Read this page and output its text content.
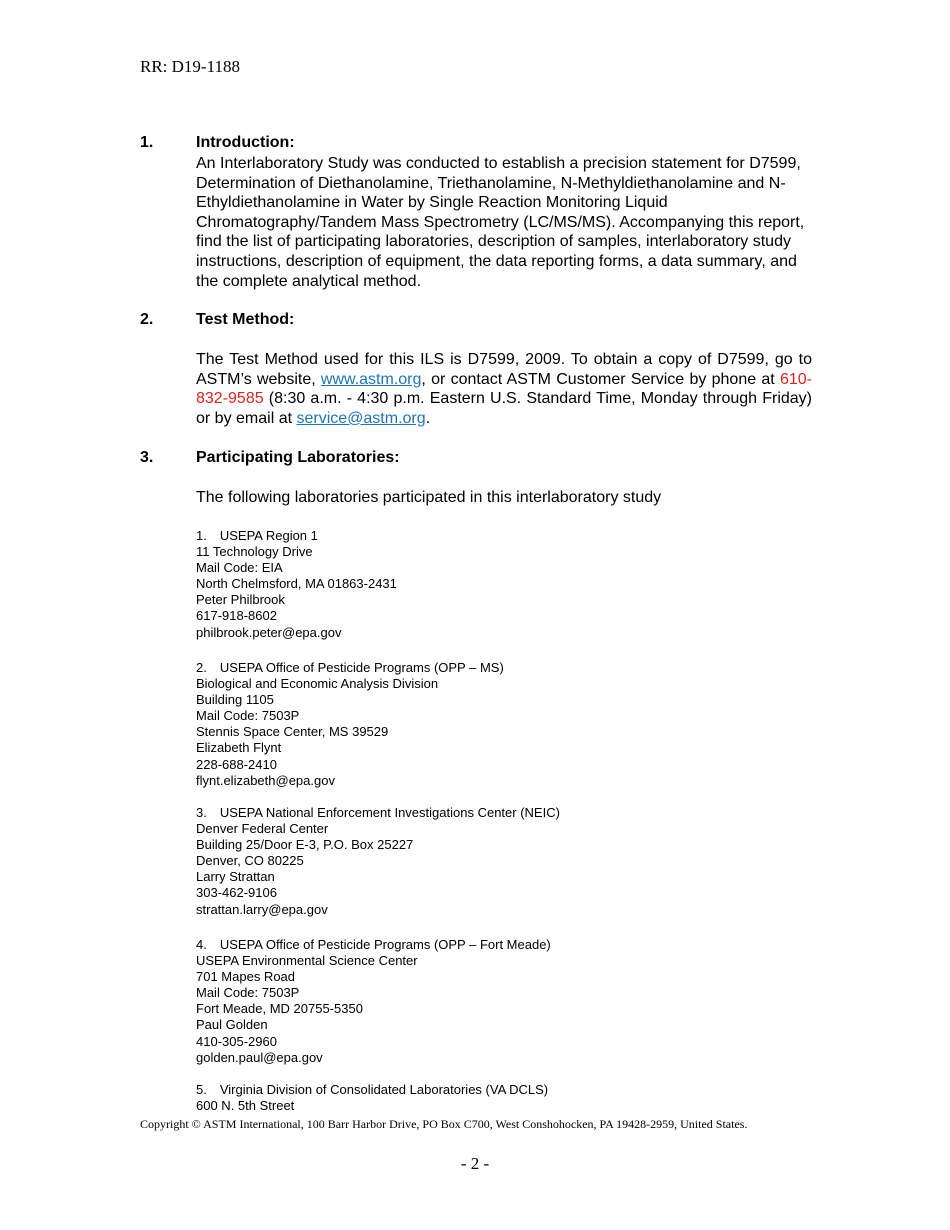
RR: D19-1188
1.	Introduction:
An Interlaboratory Study was conducted to establish a precision statement for D7599, Determination of Diethanolamine, Triethanolamine, N-Methyldiethanolamine and N-Ethyldiethanolamine in Water by Single Reaction Monitoring Liquid Chromatography/Tandem Mass Spectrometry (LC/MS/MS). Accompanying this report, find the list of participating laboratories, description of samples, interlaboratory study instructions, description of equipment, the data reporting forms, a data summary, and the complete analytical method.
2.	Test Method:
The Test Method used for this ILS is D7599, 2009. To obtain a copy of D7599, go to ASTM’s website, www.astm.org, or contact ASTM Customer Service by phone at 610-832-9585 (8:30 a.m. - 4:30 p.m. Eastern U.S. Standard Time, Monday through Friday) or by email at service@astm.org.
3.	Participating Laboratories:
The following laboratories participated in this interlaboratory study
1. USEPA Region 1
11 Technology Drive
Mail Code: EIA
North Chelmsford, MA 01863-2431
Peter Philbrook
617-918-8602
philbrook.peter@epa.gov
2. USEPA Office of Pesticide Programs (OPP – MS)
Biological and Economic Analysis Division
Building 1105
Mail Code: 7503P
Stennis Space Center, MS 39529
Elizabeth Flynt
228-688-2410
flynt.elizabeth@epa.gov
3. USEPA National Enforcement Investigations Center (NEIC)
Denver Federal Center
Building 25/Door E-3, P.O. Box 25227
Denver, CO 80225
Larry Strattan
303-462-9106
strattan.larry@epa.gov
4. USEPA Office of Pesticide Programs (OPP – Fort Meade)
USEPA Environmental Science Center
701 Mapes Road
Mail Code: 7503P
Fort Meade, MD 20755-5350
Paul Golden
410-305-2960
golden.paul@epa.gov
5. Virginia Division of Consolidated Laboratories (VA DCLS)
600 N. 5th Street
Copyright © ASTM International, 100 Barr Harbor Drive, PO Box C700, West Conshohocken, PA 19428-2959, United States.
- 2 -
